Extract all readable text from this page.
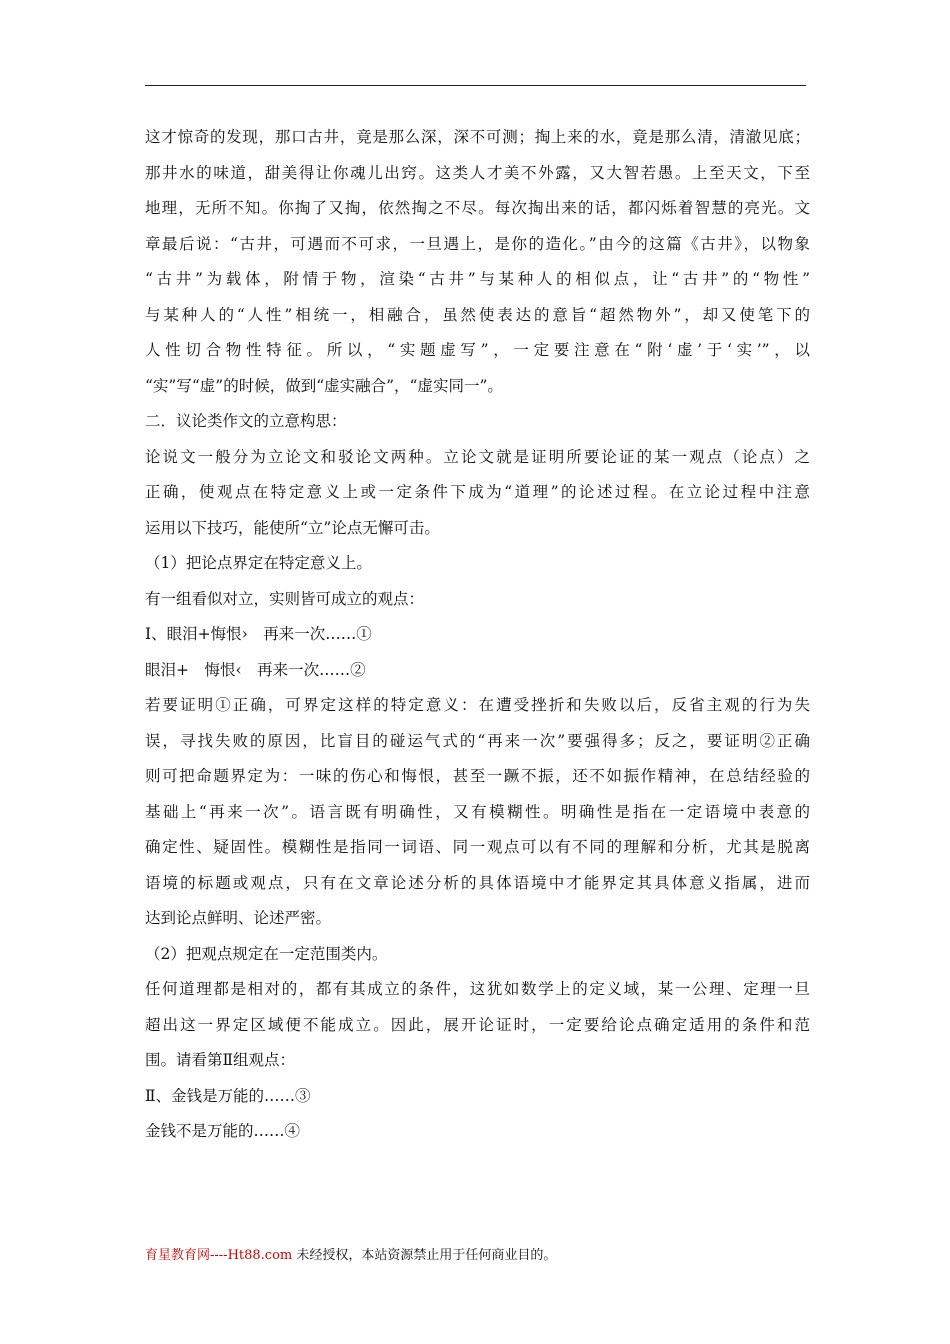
这才惊奇的发现，那口古井，竟是那么深，深不可测；掏上来的水，竟是那么清，清澈见底；
那井水的味道，甜美得让你魂儿出窍。这类人才美不外露，又大智若愚。上至天文，下至
地理，无所不知。你掏了又掏，依然掏之不尽。每次掏出来的话，都闪烁着智慧的亮光。文
章最后说：“古井，可遇而不可求，一旦遇上，是你的造化。”由今的这篇《古井》，以物象
“古井”为载体，附情于物，渲染“古井”与某种人的相似点，让“古井”的“物性”
与某种人的“人性”相统一，相融合，虽然使表达的意旨“超然物外”，却又使笔下的
人性切合物性特征。所以，“实题虚写”，一定要注意在“附‘虚’于‘实’”，以
“实”写“虚”的时候，做到“虚实融合”，“虚实同一”。
二．议论类作文的立意构思：
论说文一般分为立论文和驳论文两种。立论文就是证明所要论证的某一观点（论点）之
正确，使观点在特定意义上或一定条件下成为“道理”的论述过程。在立论过程中注意
运用以下技巧，能使所“立”论点无懈可击。
（1）把论点界定在特定意义上。
有一组看似对立，实则皆可成立的观点：
I、眼泪+悔恨›　再来一次……①
眼泪+　悔恨‹　再来一次……②
若要证明①正确，可界定这样的特定意义：在遭受挫折和失败以后，反省主观的行为失
误，寻找失败的原因，比盲目的碰运气式的“再来一次”要强得多；反之，要证明②正确
则可把命题界定为：一味的伤心和悔恨，甚至一蹶不振，还不如振作精神，在总结经验的
基础上“再来一次”。语言既有明确性，又有模糊性。明确性是指在一定语境中表意的
确定性、疑固性。模糊性是指同一词语、同一观点可以有不同的理解和分析，尤其是脱离
语境的标题或观点，只有在文章论述分析的具体语境中才能界定其具体意义指属，进而
达到论点鲜明、论述严密。
（2）把观点规定在一定范围类内。
任何道理都是相对的，都有其成立的条件，这犹如数学上的定义域，某一公理、定理一旦
超出这一界定区域便不能成立。因此，展开论证时，一定要给论点确定适用的条件和范
围。请看第Ⅱ组观点：
Ⅱ、金钱是万能的……③
金钱不是万能的……④
育星教育网----Ht88.com 未经授权，本站资源禁止用于任何商业目的。
